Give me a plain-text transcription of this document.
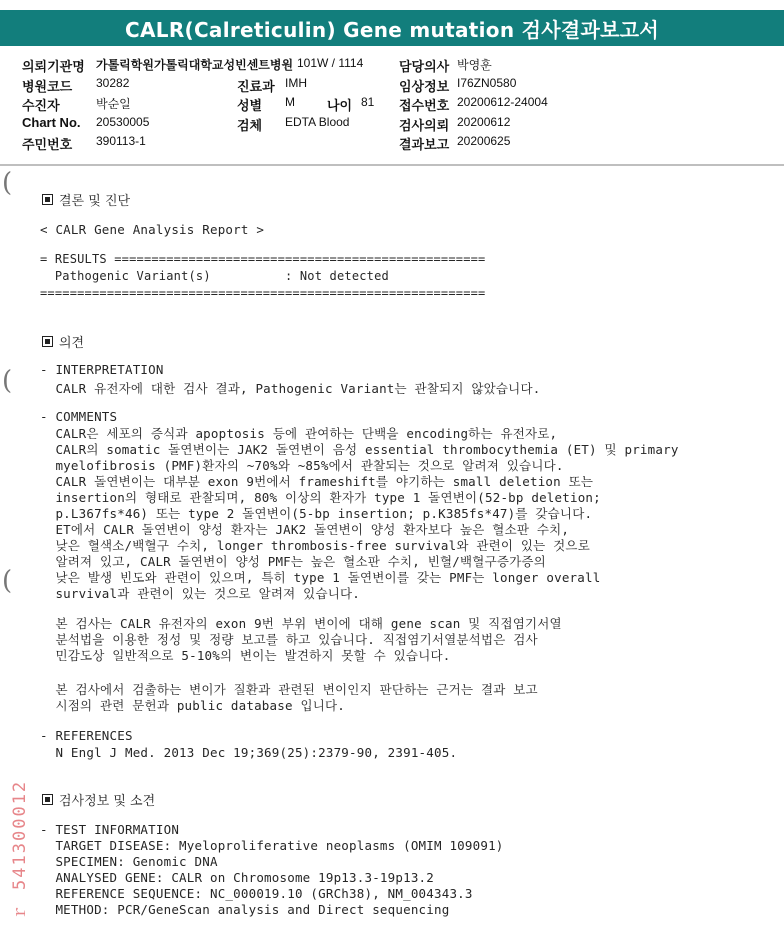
CALR(Calreticulin) Gene mutation 검사결과보고서
의뢰기관명 가톨릭학원가톨릭대학교성빈센트병원 101W / 1114	담당의사 박영훈
병원코드 30282	진료과 IMH	임상정보 I76ZN0580
수진자	박순일	성별 M 나이 81 접수번호 20200612-24004
Chart No. 20530005	검체 EDTA Blood	검사의뢰 20200612
주민번호 390113-1	결과보고 20200625
(
(
(
결론 및 진단
< CALR Gene Analysis Report >
= RESULTS ==================================================
Pathogenic Variant(s)          : Not detected
============================================================
의견
- INTERPRETATION
CALR 유전자에 대한 검사 결과, Pathogenic Variant는 관찰되지 않았습니다.
- COMMENTS
CALR은 세포의 증식과 apoptosis 등에 관여하는 단백을 encoding하는 유전자로,
CALR의 somatic 돌연변이는 JAK2 돌연변이 음성 essential thrombocythemia (ET) 및 primary
myelofibrosis (PMF)환자의 ~70%와 ~85%에서 관찰되는 것으로 알려져 있습니다.
CALR 돌연변이는 대부분 exon 9번에서 frameshift를 야기하는 small deletion 또는
insertion의 형태로 관찰되며, 80% 이상의 환자가 type 1 돌연변이(52-bp deletion;
p.L367fs*46) 또는 type 2 돌연변이(5-bp insertion; p.K385fs*47)를 갖습니다.
ET에서 CALR 돌연변이 양성 환자는 JAK2 돌연변이 양성 환자보다 높은 혈소판 수치,
낮은 혈색소/백혈구 수치, longer thrombosis-free survival와 관련이 있는 것으로
알려져 있고, CALR 돌연변이 양성 PMF는 높은 혈소판 수치, 빈혈/백혈구증가증의
낮은 발생 빈도와 관련이 있으며, 특히 type 1 돌연변이를 갖는 PMF는 longer overall
survival과 관련이 있는 것으로 알려져 있습니다.
본 검사는 CALR 유전자의 exon 9번 부위 변이에 대해 gene scan 및 직접염기서열
분석법을 이용한 정성 및 정량 보고를 하고 있습니다. 직접염기서열분석법은 검사
민감도상 일반적으로 5-10%의 변이는 발견하지 못할 수 있습니다.
본 검사에서 검출하는 변이가 질환과 관련된 변이인지 판단하는 근거는 결과 보고
시점의 관련 문헌과 public database 입니다.
- REFERENCES
N Engl J Med. 2013 Dec 19;369(25):2379-90, 2391-405.
검사정보 및 소견
- TEST INFORMATION
TARGET DISEASE: Myeloproliferative neoplasms (OMIM 109091)
SPECIMEN: Genomic DNA
ANALYSED GENE: CALR on Chromosome 19p13.3-19p13.2
REFERENCE SEQUENCE: NC_000019.10 (GRCh38), NM_004343.3
METHOD: PCR/GeneScan analysis and Direct sequencing
ｒ 541300012
